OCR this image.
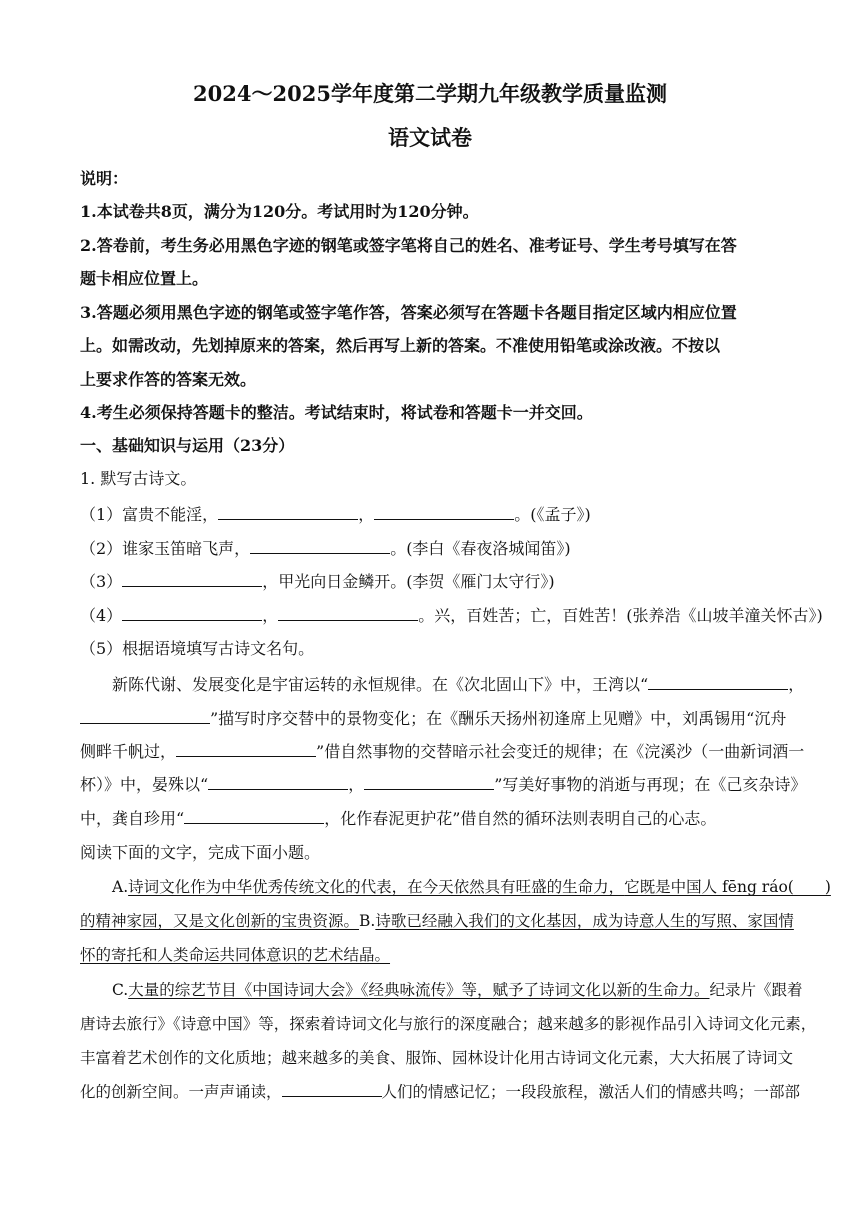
2024～2025学年度第二学期九年级教学质量监测
语文试卷
说明：
1.本试卷共8页，满分为120分。考试用时为120分钟。
2.答卷前，考生务必用黑色字迹的钢笔或签字笔将自己的姓名、准考证号、学生考号填写在答
题卡相应位置上。
3.答题必须用黑色字迹的钢笔或签字笔作答，答案必须写在答题卡各题目指定区域内相应位置
上。如需改动，先划掉原来的答案，然后再写上新的答案。不准使用铅笔或涂改液。不按以
上要求作答的答案无效。
4.考生必须保持答题卡的整洁。考试结束时，将试卷和答题卡一并交回。
一、基础知识与运用（23分）
1. 默写古诗文。
（1）富贵不能淫，	，	。(《孟子》)
（2）谁家玉笛暗飞声，	。(李白《春夜洛城闻笛》)
（3）	，甲光向日金鳞开。(李贺《雁门太守行》)
（4）	，	。兴，百姓苦；亡，百姓苦！(张养浩《山坡羊潼关怀古》)
（5）根据语境填写古诗文名句。
新陈代谢、发展变化是宇宙运转的永恒规律。在《次北固山下》中，王湾以“	，
”描写时序交替中的景物变化；在《酬乐天扬州初逢席上见赠》中，刘禹锡用“沉舟
侧畔千帆过，	”借自然事物的交替暗示社会变迁的规律；在《浣溪沙（一曲新词酒一
杯）》中，晏殊以“	，	”写美好事物的消逝与再现；在《己亥杂诗》
中，龚自珍用“	，化作春泥更护花”借自然的循环法则表明自己的心志。
阅读下面的文字，完成下面小题。
A.诗词文化作为中华优秀传统文化的代表，在今天依然具有旺盛的生命力，它既是中国人 fēng ráo(　　)
的精神家园，又是文化创新的宝贵资源。B.诗歌已经融入我们的文化基因，成为诗意人生的写照、家国情
怀的寄托和人类命运共同体意识的艺术结晶。
C.大量的综艺节目《中国诗词大会》《经典咏流传》等，赋予了诗词文化以新的生命力。纪录片《跟着
唐诗去旅行》《诗意中国》等，探索着诗词文化与旅行的深度融合；越来越多的影视作品引入诗词文化元素，
丰富着艺术创作的文化质地；越来越多的美食、服饰、园林设计化用古诗词文化元素，大大拓展了诗词文
化的创新空间。一声声诵读，	人们的情感记忆；一段段旅程，激活人们的情感共鸣；一部部
